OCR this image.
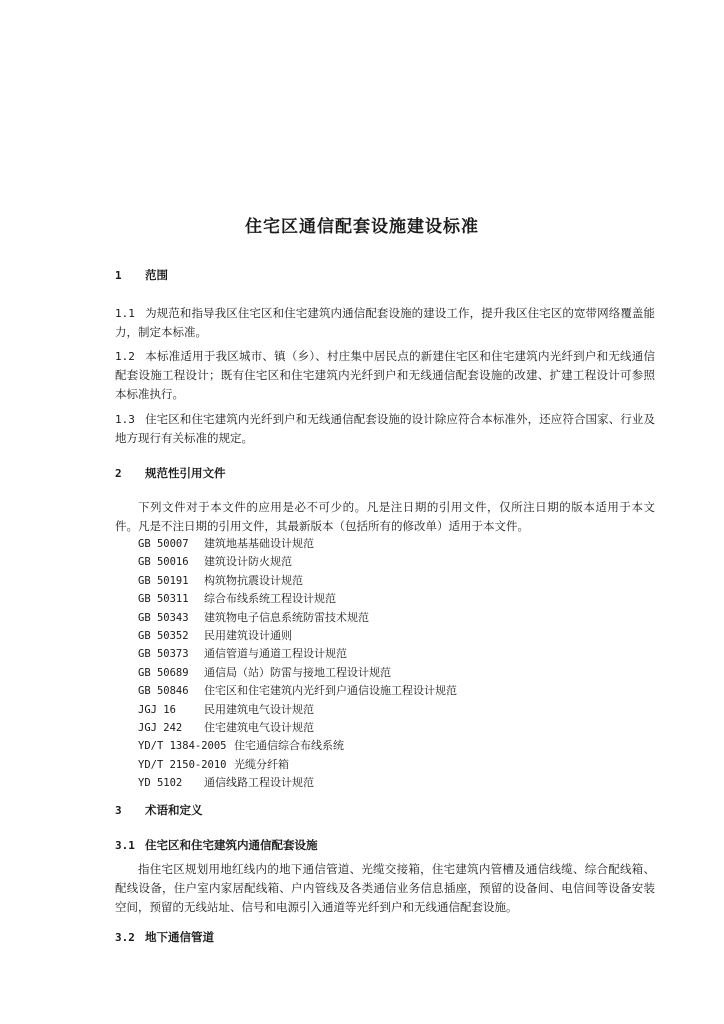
住宅区通信配套设施建设标准
1 范围
1.1 为规范和指导我区住宅区和住宅建筑内通信配套设施的建设工作，提升我区住宅区的宽带网络覆盖能力，制定本标准。
1.2 本标准适用于我区城市、镇（乡）、村庄集中居民点的新建住宅区和住宅建筑内光纤到户和无线通信配套设施工程设计；既有住宅区和住宅建筑内光纤到户和无线通信配套设施的改建、扩建工程设计可参照本标准执行。
1.3 住宅区和住宅建筑内光纤到户和无线通信配套设施的设计除应符合本标准外，还应符合国家、行业及地方现行有关标准的规定。
2 规范性引用文件
下列文件对于本文件的应用是必不可少的。凡是注日期的引用文件，仅所注日期的版本适用于本文件。凡是不注日期的引用文件，其最新版本（包括所有的修改单）适用于本文件。
GB 50007 建筑地基基础设计规范
GB 50016 建筑设计防火规范
GB 50191 构筑物抗震设计规范
GB 50311 综合布线系统工程设计规范
GB 50343 建筑物电子信息系统防雷技术规范
GB 50352 民用建筑设计通则
GB 50373 通信管道与通道工程设计规范
GB 50689 通信局（站）防雷与接地工程设计规范
GB 50846 住宅区和住宅建筑内光纤到户通信设施工程设计规范
JGJ 16	民用建筑电气设计规范
JGJ 242 住宅建筑电气设计规范
YD/T 1384-2005 住宅通信综合布线系统
YD/T 2150-2010 光缆分纤箱
YD 5102 通信线路工程设计规范
3 术语和定义
3.1 住宅区和住宅建筑内通信配套设施
指住宅区规划用地红线内的地下通信管道、光缆交接箱，住宅建筑内管槽及通信线缆、综合配线箱、配线设备，住户室内家居配线箱、户内管线及各类通信业务信息插座，预留的设备间、电信间等设备安装空间，预留的无线站址、信号和电源引入通道等光纤到户和无线通信配套设施。
3.2 地下通信管道
